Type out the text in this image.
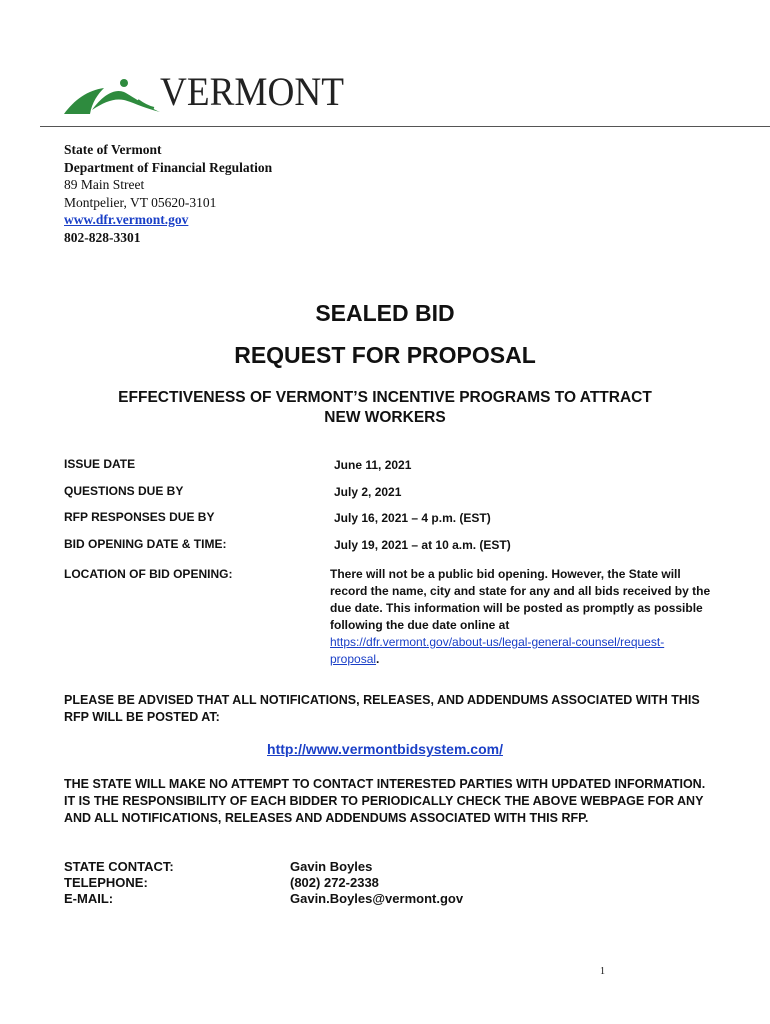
VERMONT
State of Vermont
Department of Financial Regulation
89 Main Street
Montpelier, VT 05620-3101
www.dfr.vermont.gov
802-828-3301
SEALED BID
REQUEST FOR PROPOSAL
EFFECTIVENESS OF VERMONT’S INCENTIVE PROGRAMS TO ATTRACT
NEW WORKERS
ISSUE DATE	June 11, 2021
QUESTIONS DUE BY	July 2, 2021
RFP RESPONSES DUE BY	July 16, 2021 – 4 p.m. (EST)
BID OPENING DATE & TIME:	July 19, 2021 – at 10 a.m. (EST)
LOCATION OF BID OPENING:	There will not be a public bid opening. However, the State will record the name, city and state for any and all bids received by the due date. This information will be posted as promptly as possible following the due date online at
https://dfr.vermont.gov/about-us/legal-general-counsel/request-
proposal.
PLEASE BE ADVISED THAT ALL NOTIFICATIONS, RELEASES, AND ADDENDUMS ASSOCIATED WITH THIS RFP WILL BE POSTED AT:
http://www.vermontbidsystem.com/
THE STATE WILL MAKE NO ATTEMPT TO CONTACT INTERESTED PARTIES WITH UPDATED INFORMATION. IT IS THE RESPONSIBILITY OF EACH BIDDER TO PERIODICALLY CHECK THE ABOVE WEBPAGE FOR ANY AND ALL NOTIFICATIONS, RELEASES AND ADDENDUMS ASSOCIATED WITH THIS RFP.
STATE CONTACT:	Gavin Boyles
TELEPHONE:	(802) 272-2338
E-MAIL:	Gavin.Boyles@vermont.gov
1
